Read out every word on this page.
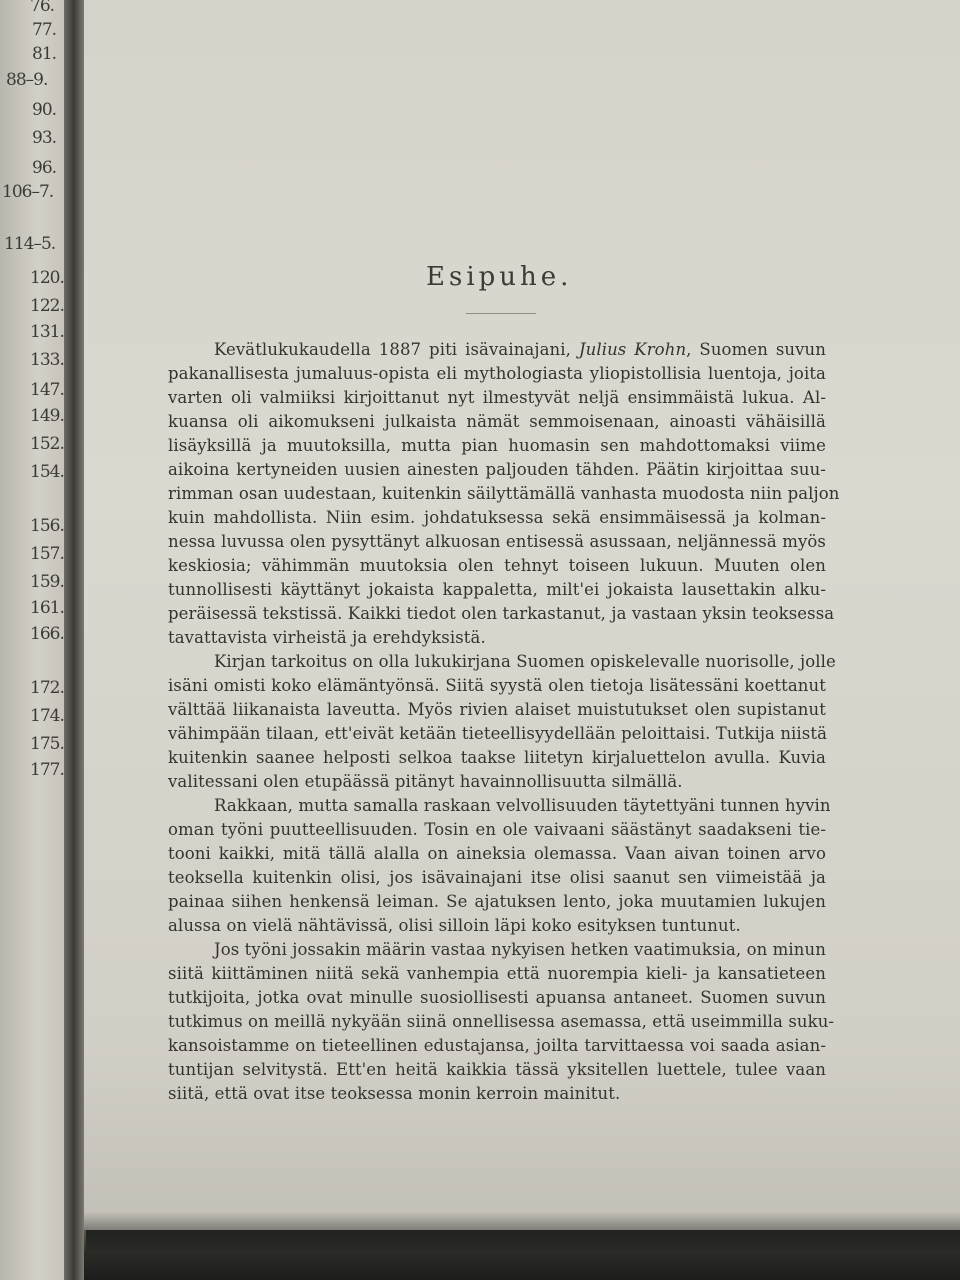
76.
77.
81.
88–9.
90.
93.
96.
106–7.
114–5.
120.
122.
131.
133.
147.
149.
152.
154.
156.
157.
159.
161.
166.
172.
174.
175.
177.
Esipuhe.
Kevätlukukaudella 1887 piti isävainajani, Julius Krohn, Suomen suvun
pakanallisesta jumaluus-opista eli mythologiasta yliopistollisia luentoja, joita
varten oli valmiiksi kirjoittanut nyt ilmestyvät neljä ensimmäistä lukua. Al-
kuansa oli aikomukseni julkaista nämät semmoisenaan, ainoasti vähäisillä
lisäyksillä ja muutoksilla, mutta pian huomasin sen mahdottomaksi viime
aikoina kertyneiden uusien ainesten paljouden tähden. Päätin kirjoittaa suu-
rimman osan uudestaan, kuitenkin säilyttämällä vanhasta muodosta niin paljon
kuin mahdollista. Niin esim. johdatuksessa sekä ensimmäisessä ja kolman-
nessa luvussa olen pysyttänyt alkuosan entisessä asussaan, neljännessä myös
keskiosia; vähimmän muutoksia olen tehnyt toiseen lukuun. Muuten olen
tunnollisesti käyttänyt jokaista kappaletta, milt'ei jokaista lausettakin alku-
peräisessä tekstissä. Kaikki tiedot olen tarkastanut, ja vastaan yksin teoksessa
tavattavista virheistä ja erehdyksistä.
Kirjan tarkoitus on olla lukukirjana Suomen opiskelevalle nuorisolle, jolle
isäni omisti koko elämäntyönsä. Siitä syystä olen tietoja lisätessäni koettanut
välttää liikanaista laveutta. Myös rivien alaiset muistutukset olen supistanut
vähimpään tilaan, ett'eivät ketään tieteellisyydellään peloittaisi. Tutkija niistä
kuitenkin saanee helposti selkoa taakse liitetyn kirjaluettelon avulla. Kuvia
valitessani olen etupäässä pitänyt havainnollisuutta silmällä.
Rakkaan, mutta samalla raskaan velvollisuuden täytettyäni tunnen hyvin
oman työni puutteellisuuden. Tosin en ole vaivaani säästänyt saadakseni tie-
tooni kaikki, mitä tällä alalla on aineksia olemassa. Vaan aivan toinen arvo
teoksella kuitenkin olisi, jos isävainajani itse olisi saanut sen viimeistää ja
painaa siihen henkensä leiman. Se ajatuksen lento, joka muutamien lukujen
alussa on vielä nähtävissä, olisi silloin läpi koko esityksen tuntunut.
Jos työni jossakin määrin vastaa nykyisen hetken vaatimuksia, on minun
siitä kiittäminen niitä sekä vanhempia että nuorempia kieli- ja kansatieteen
tutkijoita, jotka ovat minulle suosiollisesti apuansa antaneet. Suomen suvun
tutkimus on meillä nykyään siinä onnellisessa asemassa, että useimmilla suku-
kansoistamme on tieteellinen edustajansa, joilta tarvittaessa voi saada asian-
tuntijan selvitystä. Ett'en heitä kaikkia tässä yksitellen luettele, tulee vaan
siitä, että ovat itse teoksessa monin kerroin mainitut.
